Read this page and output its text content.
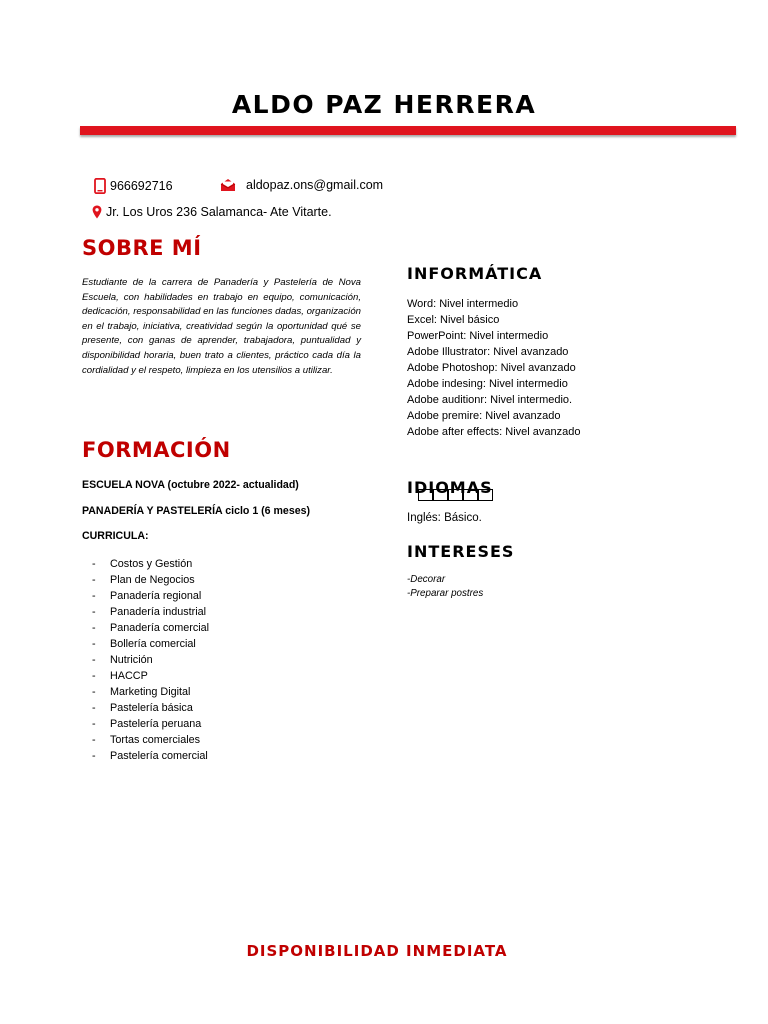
ALDO PAZ HERRERA
966692716	aldopaz.ons@gmail.com
Jr. Los Uros 236 Salamanca- Ate Vitarte.
SOBRE MÍ
Estudiante de la carrera de Panadería y Pastelería de Nova Escuela, con habilidades en trabajo en equipo, comunicación, dedicación, responsabilidad en las funciones dadas, organización en el trabajo, iniciativa, creatividad según la oportunidad qué se presente, con ganas de aprender, trabajadora, puntualidad y disponibilidad horaria, buen trato a clientes, práctico cada día la cordialidad y el respeto, limpieza en los utensilios a utilizar.
FORMACIÓN
ESCUELA NOVA (octubre 2022- actualidad)
PANADERÍA Y PASTELERÍA ciclo 1 (6 meses)
CURRICULA:
-	Costos y Gestión
-	Plan de Negocios
-	Panadería regional
-	Panadería industrial
-	Panadería comercial
-	Bollería comercial
-	Nutrición
-	HACCP
-	Marketing Digital
-	Pastelería básica
-	Pastelería peruana
-	Tortas comerciales
-	Pastelería comercial
INFORMÁTICA
Word: Nivel intermedio
Excel: Nivel básico
PowerPoint: Nivel intermedio
Adobe Illustrator: Nivel avanzado
Adobe Photoshop: Nivel avanzado
Adobe indesing: Nivel intermedio
Adobe auditionr: Nivel intermedio.
Adobe premire: Nivel avanzado
Adobe after effects: Nivel avanzado
IDIOMAS
Inglés: Básico.
INTERESES
-Decorar
-Preparar postres
DISPONIBILIDAD INMEDIATA
